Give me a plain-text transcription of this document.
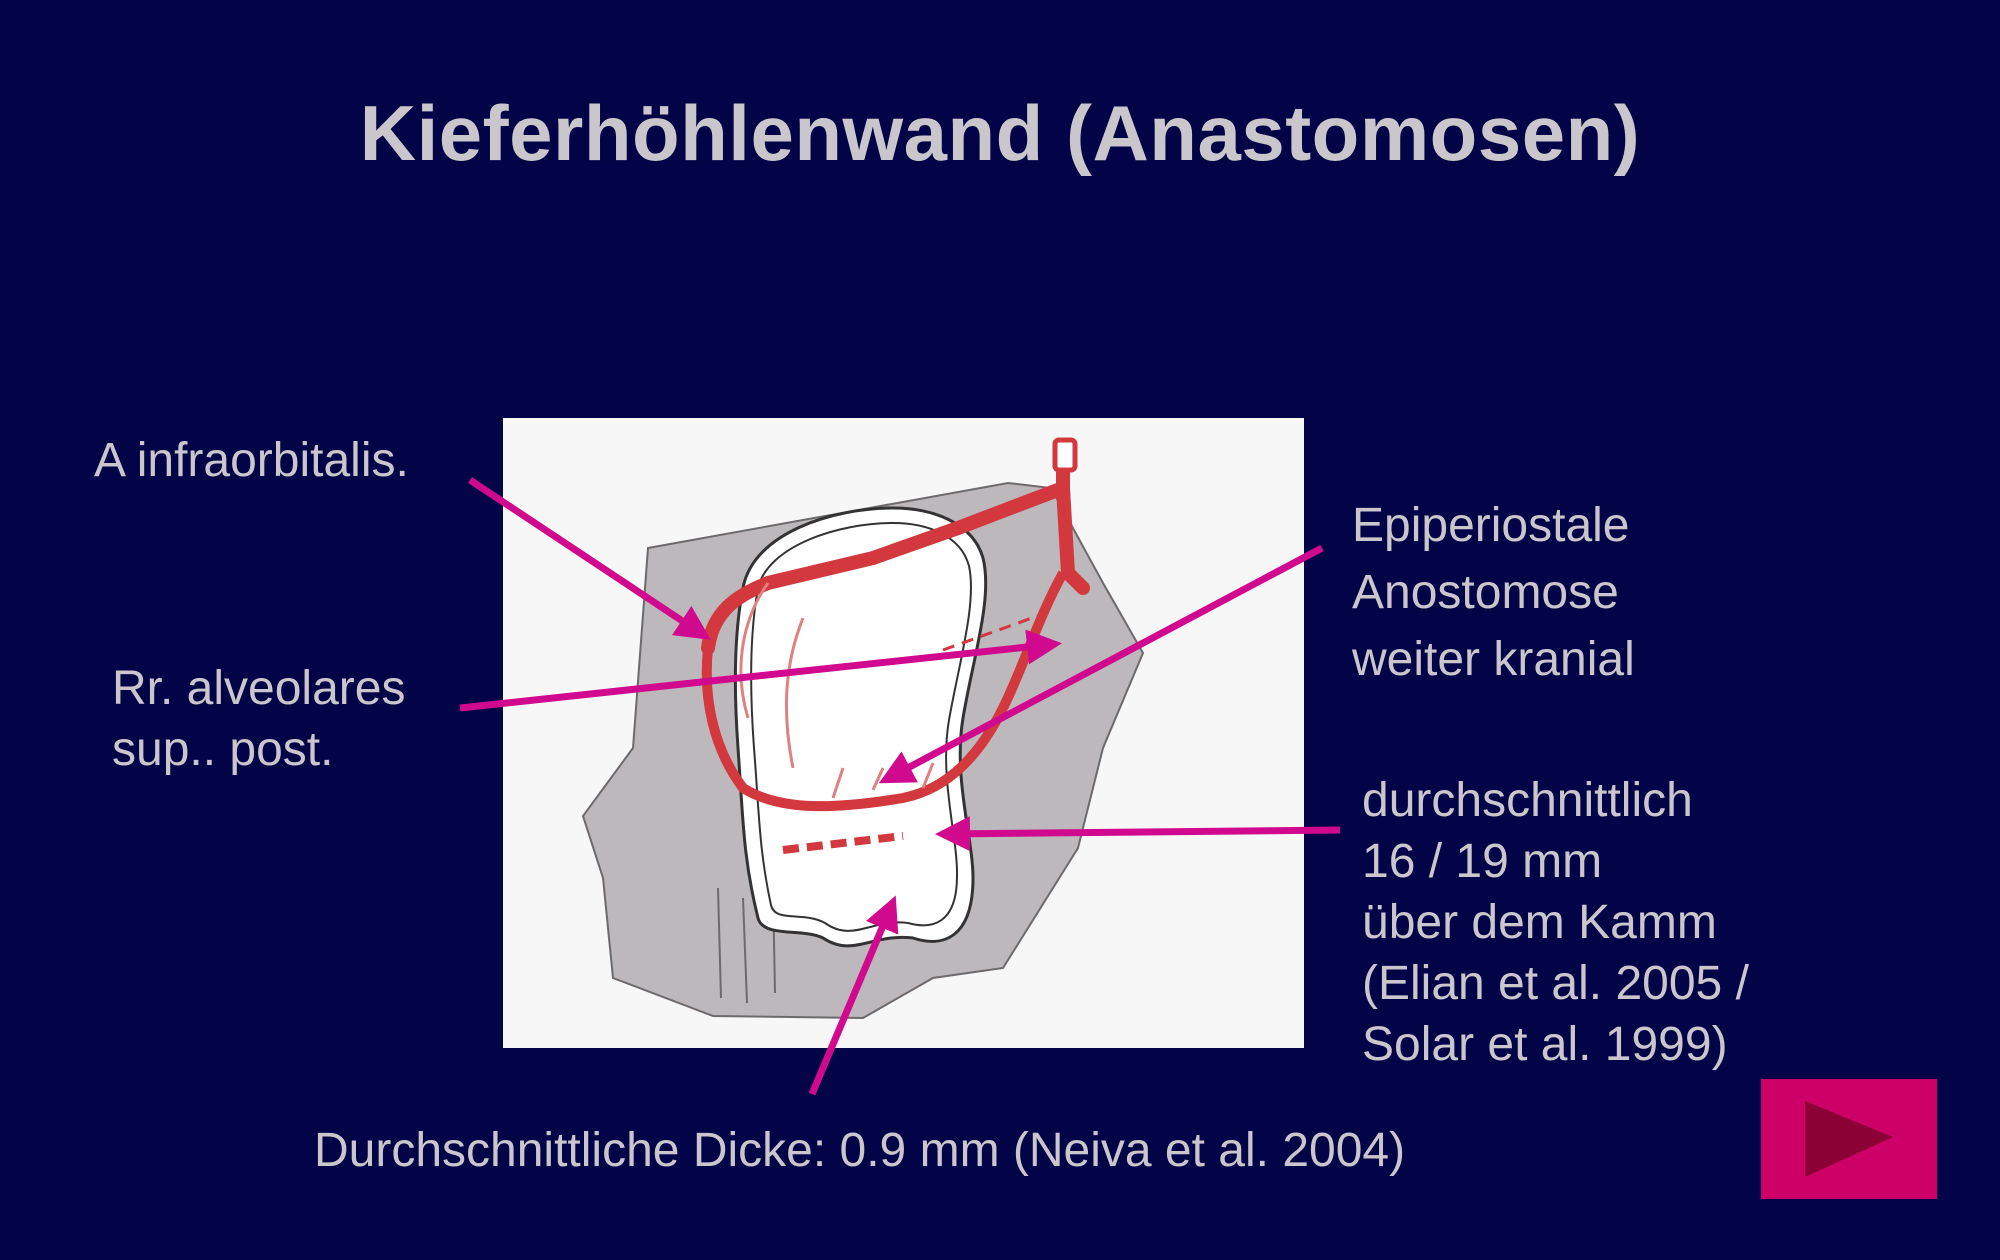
Kieferhöhlenwand (Anastomosen)
A infraorbitalis.
Rr. alveolares
sup.. post.
Epiperiostale
Anostomose
weiter kranial
durchschnittlich
16 / 19 mm
über dem Kamm
(Elian et al. 2005 /
Solar et al. 1999)
Durchschnittliche Dicke: 0.9 mm (Neiva et al. 2004)
